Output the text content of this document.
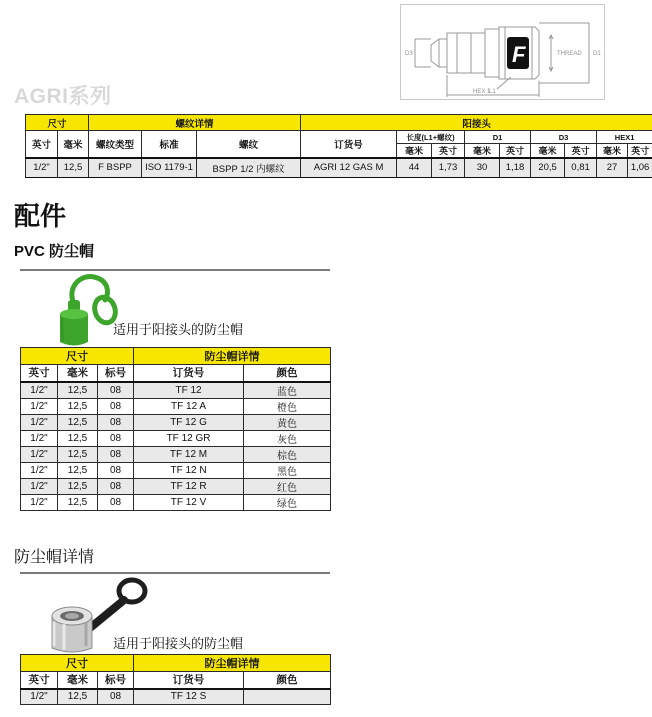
F
D3	THREAD D1
HEX 1
L1
AGRI系列
尺寸		螺纹详情			阳接头								
英寸	毫米	螺纹类型	标准	螺纹	订货号	长度(L1+螺纹)		D1		D3		HEX1	
						毫米	英寸	毫米	英寸	毫米	英寸	毫米	英寸
1/2"	12,5	F BSPP	ISO 1179-1	BSPP 1/2 内螺纹	AGRI 12 GAS M	44	1,73	30	1,18	20,5	0,81	27	1,06
配件
PVC 防尘帽
适用于阳接头的防尘帽
尺寸			防尘帽详情	
英寸	毫米	标号	订货号	颜色
1/2"	12,5	08	TF 12	蓝色
1/2"	12,5	08	TF 12 A	橙色
1/2"	12,5	08	TF 12 G	黄色
1/2"	12,5	08	TF 12 GR	灰色
1/2"	12,5	08	TF 12 M	棕色
1/2"	12,5	08	TF 12 N	黑色
1/2"	12,5	08	TF 12 R	红色
1/2"	12,5	08	TF 12 V	绿色
防尘帽详情
适用于阳接头的防尘帽
尺寸			防尘帽详情	
英寸	毫米	标号	订货号	颜色
1/2"	12,5	08	TF 12 S	
